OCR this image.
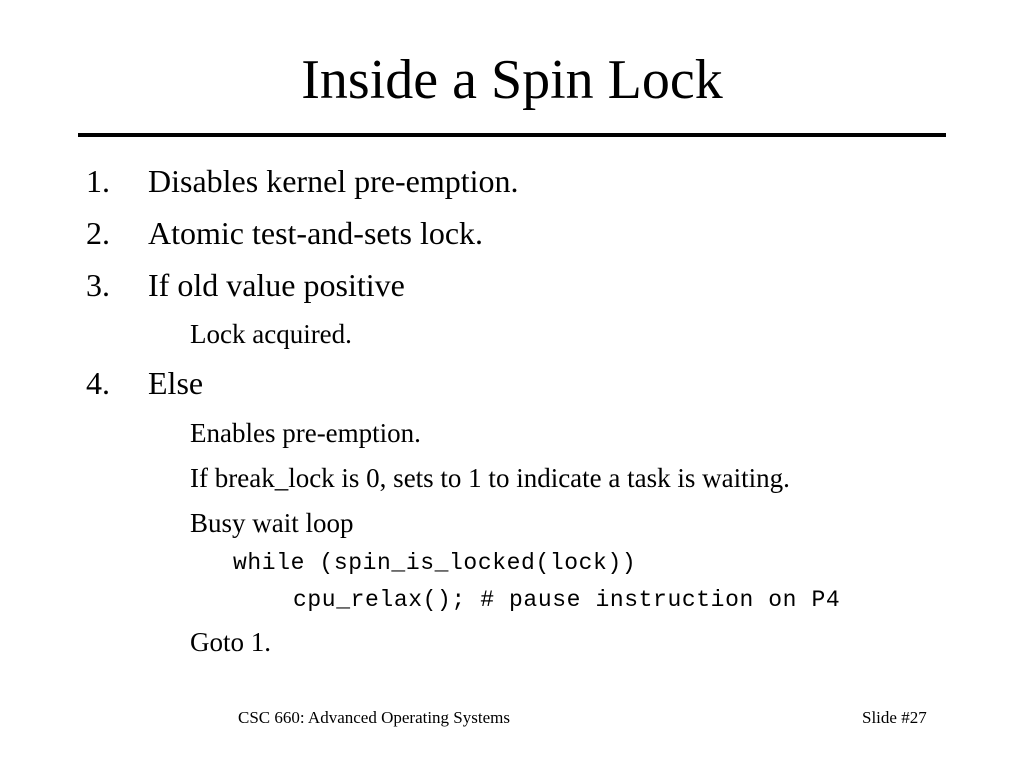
Inside a Spin Lock
1. Disables kernel pre-emption.
2. Atomic test-and-sets lock.
3. If old value positive
Lock acquired.
4. Else
Enables pre-emption.
If break_lock is 0, sets to 1 to indicate a task is waiting.
Busy wait loop
while (spin_is_locked(lock))
cpu_relax(); # pause instruction on P4
Goto 1.
CSC 660: Advanced Operating Systems	Slide #27
